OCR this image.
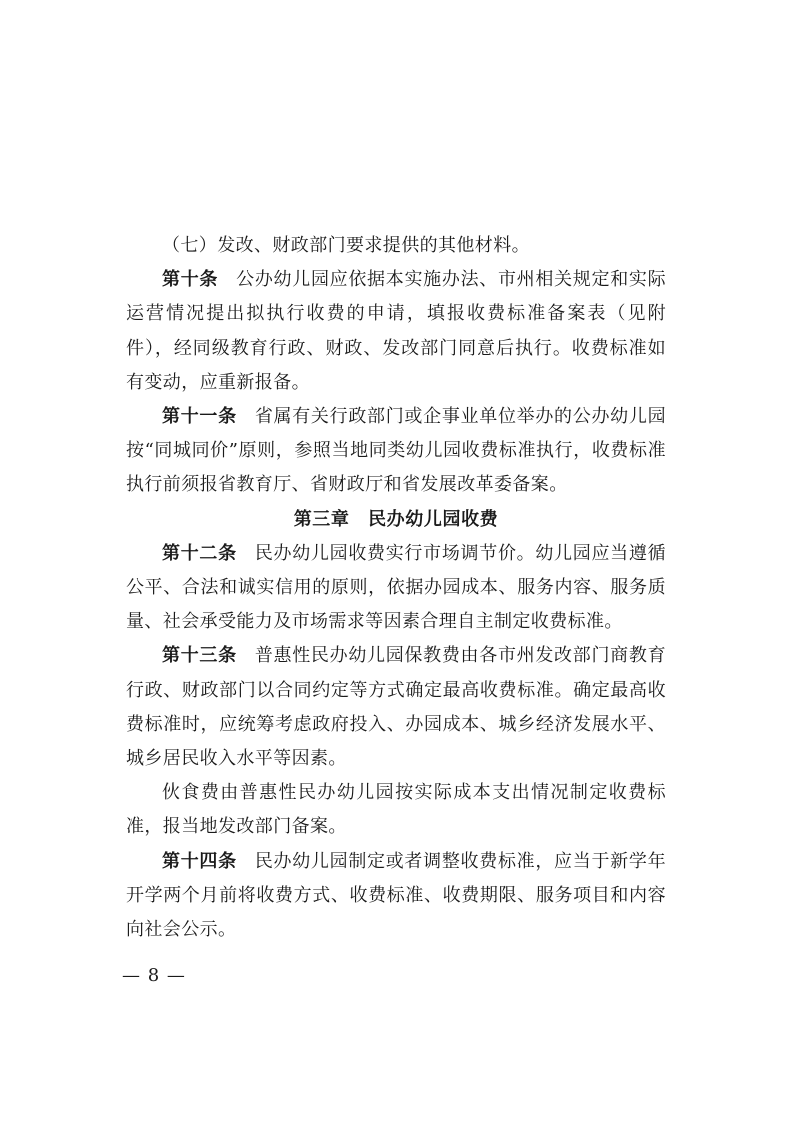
（七）发改、财政部门要求提供的其他材料。

第十条 公办幼儿园应依据本实施办法、市州相关规定和实际运营情况提出拟执行收费的申请，填报收费标准备案表（见附件），经同级教育行政、财政、发改部门同意后执行。收费标准如有变动，应重新报备。

第十一条 省属有关行政部门或企事业单位举办的公办幼儿园按“同城同价”原则，参照当地同类幼儿园收费标准执行，收费标准执行前须报省教育厅、省财政厅和省发展改革委备案。

第三章　民办幼儿园收费

第十二条 民办幼儿园收费实行市场调节价。幼儿园应当遵循公平、合法和诚实信用的原则，依据办园成本、服务内容、服务质量、社会承受能力及市场需求等因素合理自主制定收费标准。

第十三条 普惠性民办幼儿园保教费由各市州发改部门商教育行政、财政部门以合同约定等方式确定最高收费标准。确定最高收费标准时，应统筹考虑政府投入、办园成本、城乡经济发展水平、城乡居民收入水平等因素。

伙食费由普惠性民办幼儿园按实际成本支出情况制定收费标准，报当地发改部门备案。

第十四条 民办幼儿园制定或者调整收费标准，应当于新学年开学两个月前将收费方式、收费标准、收费期限、服务项目和内容向社会公示。

— 8 —
